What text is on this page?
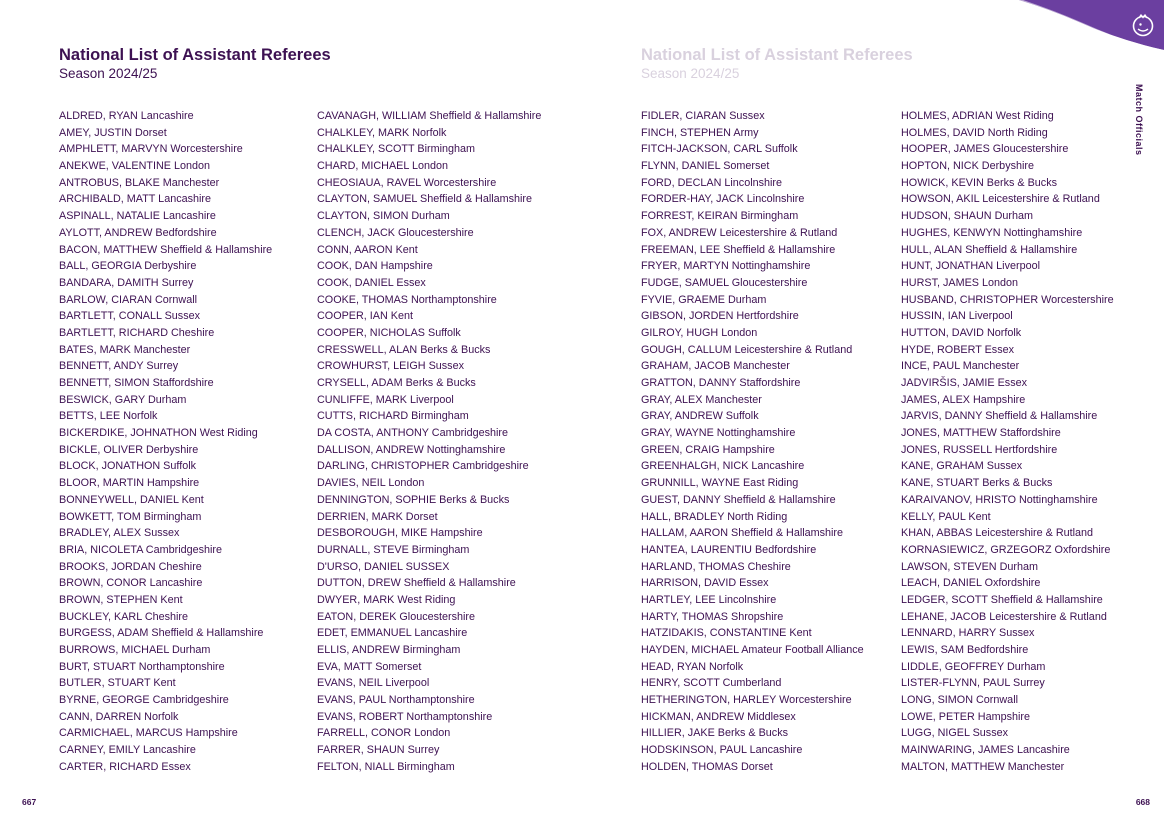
National List of Assistant Referees
Season 2024/25
ALDRED, RYAN Lancashire
AMEY, JUSTIN Dorset
AMPHLETT, MARVYN Worcestershire
ANEKWE, VALENTINE London
ANTROBUS, BLAKE Manchester
ARCHIBALD, MATT Lancashire
ASPINALL, NATALIE Lancashire
AYLOTT, ANDREW Bedfordshire
BACON, MATTHEW Sheffield & Hallamshire
BALL, GEORGIA Derbyshire
BANDARA, DAMITH Surrey
BARLOW, CIARAN Cornwall
BARTLETT, CONALL Sussex
BARTLETT, RICHARD Cheshire
BATES, MARK Manchester
BENNETT, ANDY Surrey
BENNETT, SIMON Staffordshire
BESWICK, GARY Durham
BETTS, LEE Norfolk
BICKERDIKE, JOHNATHON West Riding
BICKLE, OLIVER Derbyshire
BLOCK, JONATHON Suffolk
BLOOR, MARTIN Hampshire
BONNEYWELL, DANIEL Kent
BOWKETT, TOM Birmingham
BRADLEY, ALEX Sussex
BRIA, NICOLETA Cambridgeshire
BROOKS, JORDAN Cheshire
BROWN, CONOR Lancashire
BROWN, STEPHEN Kent
BUCKLEY, KARL Cheshire
BURGESS, ADAM Sheffield & Hallamshire
BURROWS, MICHAEL Durham
BURT, STUART Northamptonshire
BUTLER, STUART Kent
BYRNE, GEORGE Cambridgeshire
CANN, DARREN Norfolk
CARMICHAEL, MARCUS Hampshire
CARNEY, EMILY Lancashire
CARTER, RICHARD Essex
CAVANAGH, WILLIAM Sheffield & Hallamshire
CHALKLEY, MARK Norfolk
CHALKLEY, SCOTT Birmingham
CHARD, MICHAEL London
CHEOSIAUA, RAVEL Worcestershire
CLAYTON, SAMUEL Sheffield & Hallamshire
CLAYTON, SIMON Durham
CLENCH, JACK Gloucestershire
CONN, AARON Kent
COOK, DAN Hampshire
COOK, DANIEL Essex
COOKE, THOMAS Northamptonshire
COOPER, IAN Kent
COOPER, NICHOLAS Suffolk
CRESSWELL, ALAN Berks & Bucks
CROWHURST, LEIGH Sussex
CRYSELL, ADAM Berks & Bucks
CUNLIFFE, MARK Liverpool
CUTTS, RICHARD Birmingham
DA COSTA, ANTHONY Cambridgeshire
DALLISON, ANDREW Nottinghamshire
DARLING, CHRISTOPHER Cambridgeshire
DAVIES, NEIL London
DENNINGTON, SOPHIE Berks & Bucks
DERRIEN, MARK Dorset
DESBOROUGH, MIKE Hampshire
DURNALL, STEVE Birmingham
D'URSO, DANIEL SUSSEX
DUTTON, DREW Sheffield & Hallamshire
DWYER, MARK West Riding
EATON, DEREK Gloucestershire
EDET, EMMANUEL Lancashire
ELLIS, ANDREW Birmingham
EVA, MATT Somerset
EVANS, NEIL Liverpool
EVANS, PAUL Northamptonshire
EVANS, ROBERT Northamptonshire
FARRELL, CONOR London
FARRER, SHAUN Surrey
FELTON, NIALL Birmingham
667
National List of Assistant Referees
Season 2024/25
FIDLER, CIARAN Sussex
FINCH, STEPHEN Army
FITCH-JACKSON, CARL Suffolk
FLYNN, DANIEL Somerset
FORD, DECLAN Lincolnshire
FORDER-HAY, JACK Lincolnshire
FORREST, KEIRAN Birmingham
FOX, ANDREW Leicestershire & Rutland
FREEMAN, LEE Sheffield & Hallamshire
FRYER, MARTYN Nottinghamshire
FUDGE, SAMUEL Gloucestershire
FYVIE, GRAEME Durham
GIBSON, JORDEN Hertfordshire
GILROY, HUGH London
GOUGH, CALLUM Leicestershire & Rutland
GRAHAM, JACOB Manchester
GRATTON, DANNY Staffordshire
GRAY, ALEX Manchester
GRAY, ANDREW Suffolk
GRAY, WAYNE Nottinghamshire
GREEN, CRAIG Hampshire
GREENHALGH, NICK Lancashire
GRUNNILL, WAYNE East Riding
GUEST, DANNY Sheffield & Hallamshire
HALL, BRADLEY North Riding
HALLAM, AARON Sheffield & Hallamshire
HANTEA, LAURENTIU Bedfordshire
HARLAND, THOMAS Cheshire
HARRISON, DAVID Essex
HARTLEY, LEE Lincolnshire
HARTY, THOMAS Shropshire
HATZIDAKIS, CONSTANTINE Kent
HAYDEN, MICHAEL Amateur Football Alliance
HEAD, RYAN Norfolk
HENRY, SCOTT Cumberland
HETHERINGTON, HARLEY Worcestershire
HICKMAN, ANDREW Middlesex
HILLIER, JAKE Berks & Bucks
HODSKINSON, PAUL Lancashire
HOLDEN, THOMAS Dorset
HOLMES, ADRIAN West Riding
HOLMES, DAVID North Riding
HOOPER, JAMES Gloucestershire
HOPTON, NICK Derbyshire
HOWICK, KEVIN Berks & Bucks
HOWSON, AKIL Leicestershire & Rutland
HUDSON, SHAUN Durham
HUGHES, KENWYN Nottinghamshire
HULL, ALAN Sheffield & Hallamshire
HUNT, JONATHAN Liverpool
HURST, JAMES London
HUSBAND, CHRISTOPHER Worcestershire
HUSSIN, IAN Liverpool
HUTTON, DAVID Norfolk
HYDE, ROBERT Essex
INCE, PAUL Manchester
JADVIRŠIS, JAMIE Essex
JAMES, ALEX Hampshire
JARVIS, DANNY Sheffield & Hallamshire
JONES, MATTHEW Staffordshire
JONES, RUSSELL Hertfordshire
KANE, GRAHAM Sussex
KANE, STUART Berks & Bucks
KARAIVANOV, HRISTO Nottinghamshire
KELLY, PAUL Kent
KHAN, ABBAS Leicestershire & Rutland
KORNASIEWICZ, GRZEGORZ Oxfordshire
LAWSON, STEVEN Durham
LEACH, DANIEL Oxfordshire
LEDGER, SCOTT Sheffield & Hallamshire
LEHANE, JACOB Leicestershire & Rutland
LENNARD, HARRY Sussex
LEWIS, SAM Bedfordshire
LIDDLE, GEOFFREY Durham
LISTER-FLYNN, PAUL Surrey
LONG, SIMON Cornwall
LOWE, PETER Hampshire
LUGG, NIGEL Sussex
MAINWARING, JAMES Lancashire
MALTON, MATTHEW Manchester
668
Match Officials
